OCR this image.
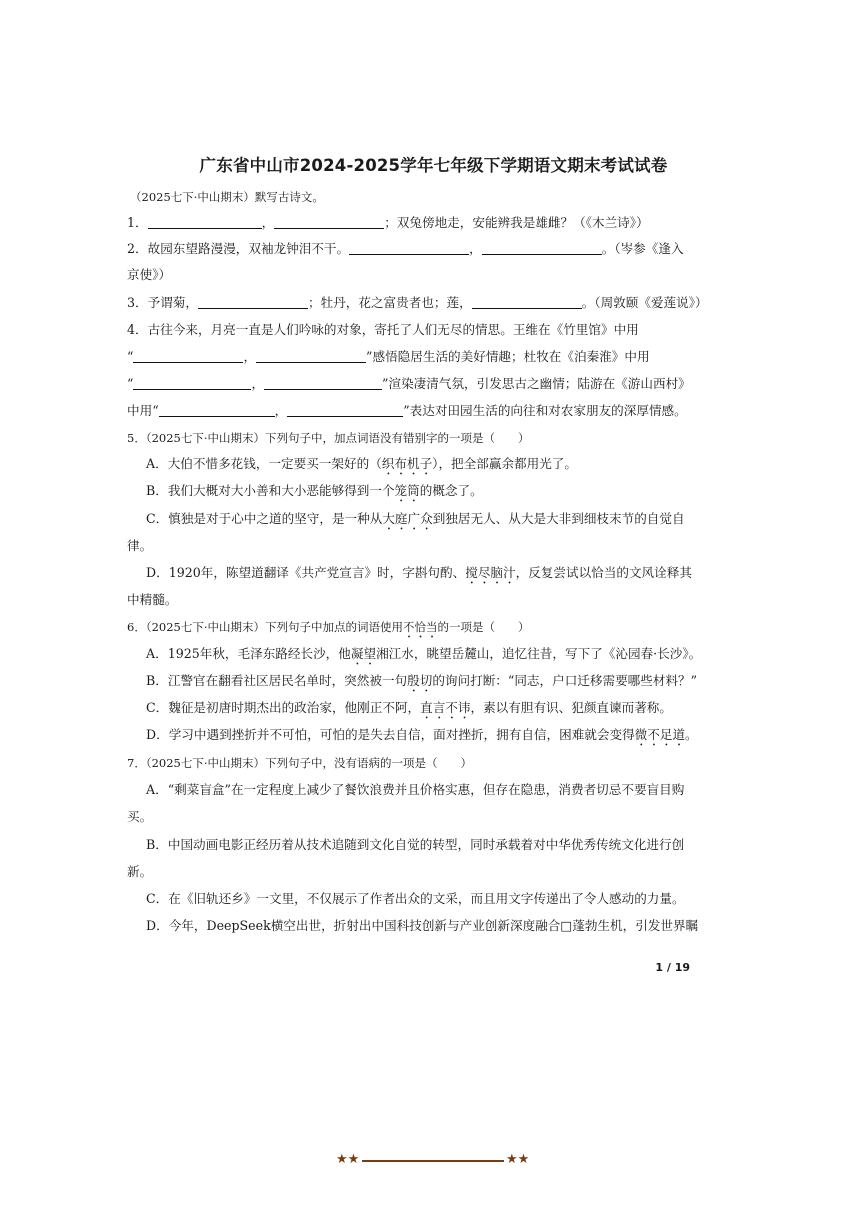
广东省中山市2024-2025学年七年级下学期语文期末考试试卷
（2025七下·中山期末）默写古诗文。
1．	，	；双兔傍地走，安能辨我是雄雌？（《木兰诗》）
2．故园东望路漫漫，双袖龙钟泪不干。	，	。（岑参《逢入
京使》）
3．予谓菊，	；牡丹，花之富贵者也；莲，	。（周敦颐《爱莲说》）
4．古往今来，月亮一直是人们吟咏的对象，寄托了人们无尽的情思。王维在《竹里馆》中用
“	，	”感悟隐居生活的美好情趣；杜牧在《泊秦淮》中用
“	，	”渲染凄清气氛，引发思古之幽情；陆游在《游山西村》
中用“	，	”表达对田园生活的向往和对农家朋友的深厚情感。
5．（2025七下·中山期末）下列句子中，加点词语没有错别字的一项是（　　）
A．大伯不惜多花钱，一定要买一架好的（织布机子），把全部赢余都用光了。
B．我们大概对大小善和大小恶能够得到一个笼筒的概念了。
C．慎独是对于心中之道的坚守，是一种从大庭广众到独居无人、从大是大非到细枝末节的自觉自
律。
D．1920年，陈望道翻译《共产党宣言》时，字斟句酌、搅尽脑汁，反复尝试以恰当的文风诠释其
中精髓。
6．（2025七下·中山期末）下列句子中加点的词语使用不恰当的一项是（　　）
A．1925年秋，毛泽东路经长沙，他凝望湘江水，眺望岳麓山，追忆往昔，写下了《沁园春·长沙》。
B．江警官在翻看社区居民名单时，突然被一句殷切的询问打断：“同志，户口迁移需要哪些材料？”
C．魏征是初唐时期杰出的政治家，他刚正不阿，直言不讳，素以有胆有识、犯颜直谏而著称。
D．学习中遇到挫折并不可怕，可怕的是失去自信，面对挫折，拥有自信，困难就会变得微不足道。
7．（2025七下·中山期末）下列句子中，没有语病的一项是（　　）
A．“剩菜盲盒”在一定程度上减少了餐饮浪费并且价格实惠，但存在隐患，消费者切忌不要盲目购
买。
B．中国动画电影正经历着从技术追随到文化自觉的转型，同时承载着对中华优秀传统文化进行创
新。
C．在《旧轨还乡》一文里，不仅展示了作者出众的文采，而且用文字传递出了令人感动的力量。
D．今年，DeepSeek横空出世，折射出中国科技创新与产业创新深度融合□蓬勃生机，引发世界瞩
1 / 19
★★	★★
